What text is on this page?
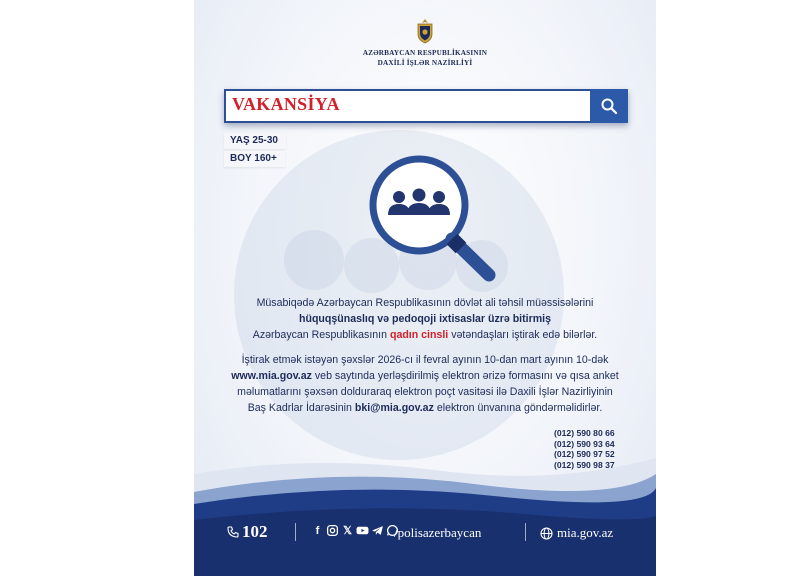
AZƏRBAYCAN RESPUBLİKASININ
DAXİLİ İŞLƏR NAZİRLİYİ
VAKANSİYA
YAŞ 25-30
BOY 160+
Müsabiqədə Azərbaycan Respublikasının dövlət ali təhsil müəssisələrini
hüquqşünaslıq və pedoqoji ixtisaslar üzrə bitirmiş
Azərbaycan Respublikasının qadın cinsli vətəndaşları iştirak edə bilərlər.
İştirak etmək istəyən şəxslər 2026-cı il fevral ayının 10-dan mart ayının 10-dək
www.mia.gov.az veb saytında yerləşdirilmiş elektron ərizə formasını və qısa anket
məlumatlarını şəxsən dolduraraq elektron poçt vasitəsi ilə Daxili İşlər Nazirliyinin
Baş Kadrlar İdarəsinin bki@mia.gov.az elektron ünvanına göndərməlidirlər.
(012) 590 80 66
(012) 590 93 64
(012) 590 97 52
(012) 590 98 37
102	f	𝕏	/polisazerbaycan	mia.gov.az
